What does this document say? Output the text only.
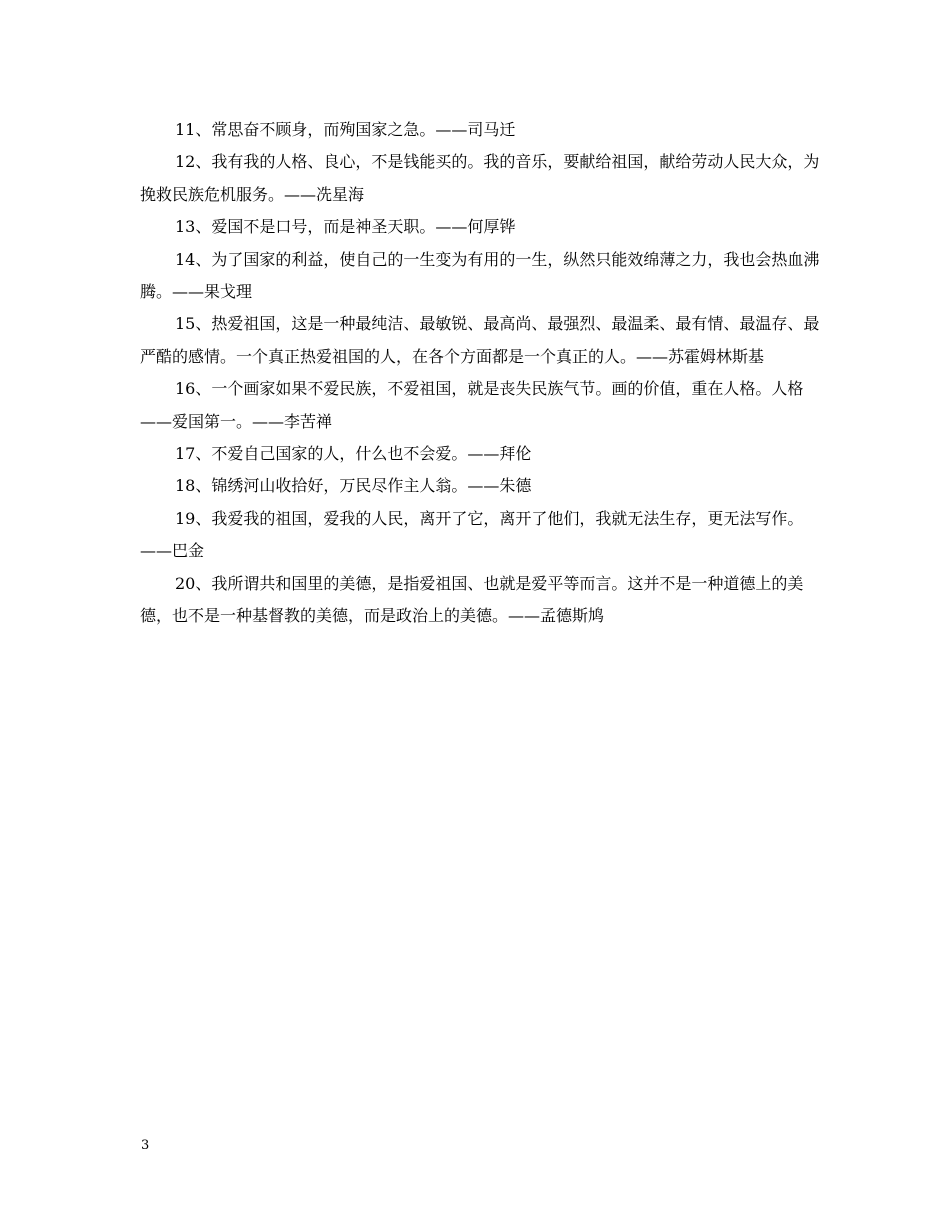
11、常思奋不顾身，而殉国家之急。——司马迁

12、我有我的人格、良心，不是钱能买的。我的音乐，要献给祖国，献给劳动人民大众，为挽救民族危机服务。——冼星海

13、爱国不是口号，而是神圣天职。——何厚铧

14、为了国家的利益，使自己的一生变为有用的一生，纵然只能效绵薄之力，我也会热血沸腾。——果戈理

15、热爱祖国，这是一种最纯洁、最敏锐、最高尚、最强烈、最温柔、最有情、最温存、最严酷的感情。一个真正热爱祖国的人，在各个方面都是一个真正的人。——苏霍姆林斯基

16、一个画家如果不爱民族，不爱祖国，就是丧失民族气节。画的价值，重在人格。人格——爱国第一。——李苦禅

17、不爱自己国家的人，什么也不会爱。——拜伦

18、锦绣河山收拾好，万民尽作主人翁。——朱德

19、我爱我的祖国，爱我的人民，离开了它，离开了他们，我就无法生存，更无法写作。——巴金

20、我所谓共和国里的美德，是指爱祖国、也就是爱平等而言。这并不是一种道德上的美德，也不是一种基督教的美德，而是政治上的美德。——孟德斯鸠

3
